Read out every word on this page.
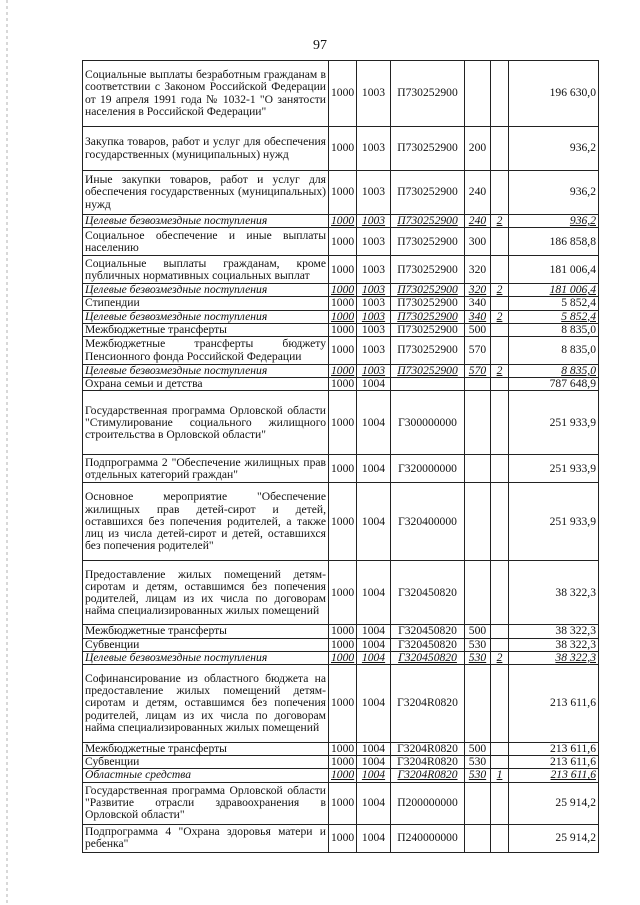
97
Социальные выплаты безработным гражданам в соответствии с Законом Российской Федерации от 19 апреля 1991 года № 1032-1 "О занятости населения в Российской Федерации"	1000	1003	П730252900			196 630,0
Закупка товаров, работ и услуг для обеспечения государственных (муниципальных) нужд	1000	1003	П730252900	200		936,2
Иные закупки товаров, работ и услуг для обеспечения государственных (муниципальных) нужд	1000	1003	П730252900	240		936,2
Целевые безвозмездные поступления	1000	1003	П730252900	240	2	936,2
Социальное обеспечение и иные выплаты населению	1000	1003	П730252900	300		186 858,8
Социальные выплаты гражданам, кроме публичных нормативных социальных выплат	1000	1003	П730252900	320		181 006,4
Целевые безвозмездные поступления	1000	1003	П730252900	320	2	181 006,4
Стипендии	1000	1003	П730252900	340		5 852,4
Целевые безвозмездные поступления	1000	1003	П730252900	340	2	5 852,4
Межбюджетные трансферты	1000	1003	П730252900	500		8 835,0
Межбюджетные трансферты бюджету Пенсионного фонда Российской Федерации	1000	1003	П730252900	570		8 835,0
Целевые безвозмездные поступления	1000	1003	П730252900	570	2	8 835,0
Охрана семьи и детства	1000	1004				787 648,9
Государственная программа Орловской области "Стимулирование социального жилищного строительства в Орловской области"	1000	1004	Г300000000			251 933,9
Подпрограмма 2 "Обеспечение жилищных прав отдельных категорий граждан"	1000	1004	Г320000000			251 933,9
Основное мероприятие "Обеспечение жилищных прав детей-сирот и детей, оставшихся без попечения родителей, а также лиц из числа детей-сирот и детей, оставшихся без попечения родителей"	1000	1004	Г320400000			251 933,9
Предоставление жилых помещений детям-сиротам и детям, оставшимся без попечения родителей, лицам из их числа по договорам найма специализированных жилых помещений	1000	1004	Г320450820			38 322,3
Межбюджетные трансферты	1000	1004	Г320450820	500		38 322,3
Субвенции	1000	1004	Г320450820	530		38 322,3
Целевые безвозмездные поступления	1000	1004	Г320450820	530	2	38 322,3
Софинансирование из областного бюджета на предоставление жилых помещений детям-сиротам и детям, оставшимся без попечения родителей, лицам из их числа по договорам найма специализированных жилых помещений	1000	1004	Г3204R0820			213 611,6
Межбюджетные трансферты	1000	1004	Г3204R0820	500		213 611,6
Субвенции	1000	1004	Г3204R0820	530		213 611,6
Областные средства	1000	1004	Г3204R0820	530	1	213 611,6
Государственная программа Орловской области "Развитие отрасли здравоохранения в Орловской области"	1000	1004	П200000000			25 914,2
Подпрограмма 4 "Охрана здоровья матери и ребенка"	1000	1004	П240000000			25 914,2
